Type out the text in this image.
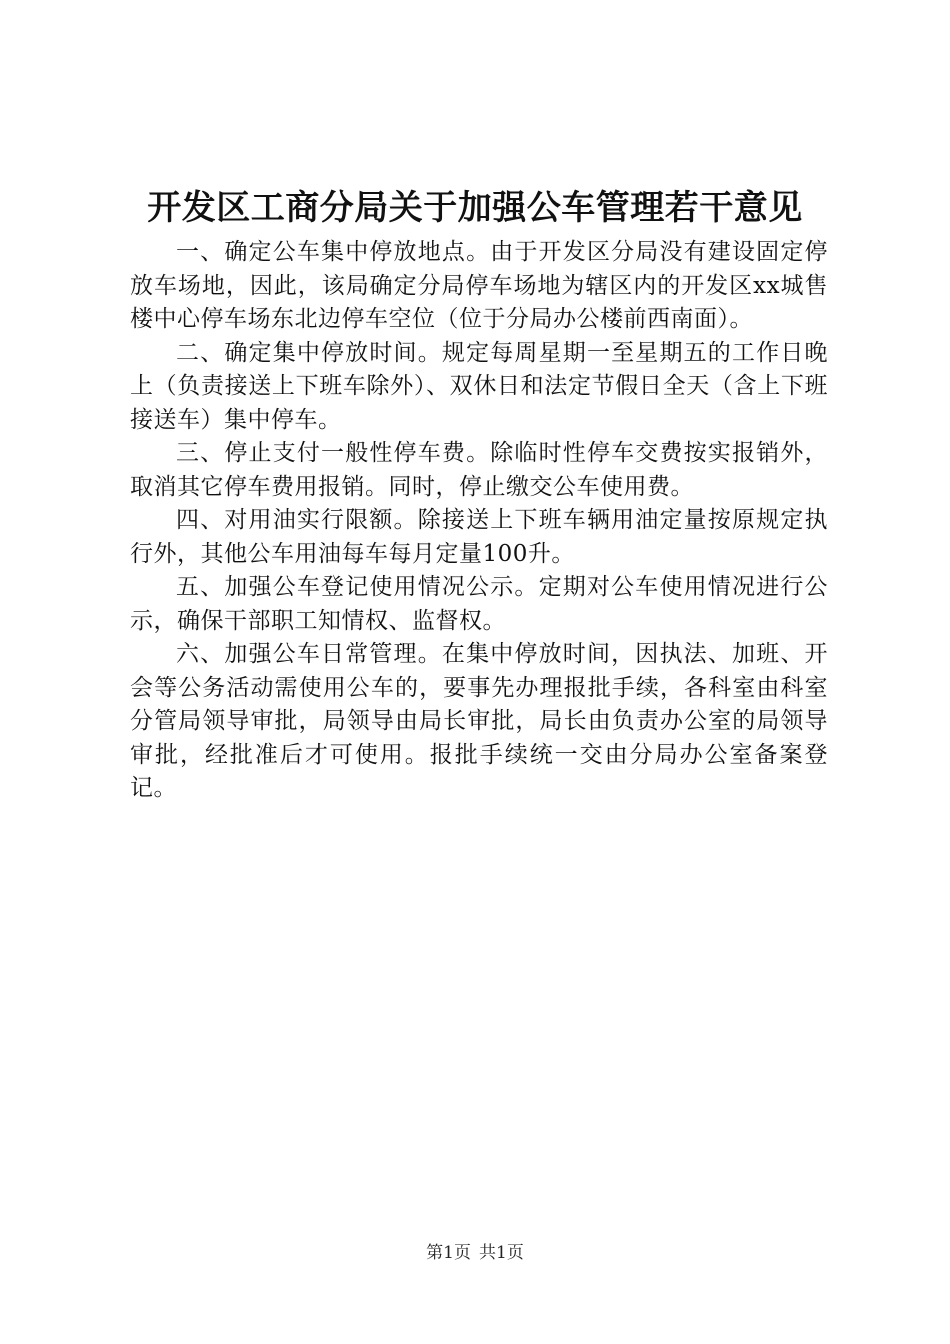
开发区工商分局关于加强公车管理若干意见

一、确定公车集中停放地点。由于开发区分局没有建设固定停放车场地，因此，该局确定分局停车场地为辖区内的开发区xx城售楼中心停车场东北边停车空位（位于分局办公楼前西南面）。

二、确定集中停放时间。规定每周星期一至星期五的工作日晚上（负责接送上下班车除外）、双休日和法定节假日全天（含上下班接送车）集中停车。

三、停止支付一般性停车费。除临时性停车交费按实报销外，取消其它停车费用报销。同时，停止缴交公车使用费。

四、对用油实行限额。除接送上下班车辆用油定量按原规定执行外，其他公车用油每车每月定量100升。

五、加强公车登记使用情况公示。定期对公车使用情况进行公示，确保干部职工知情权、监督权。

六、加强公车日常管理。在集中停放时间，因执法、加班、开会等公务活动需使用公车的，要事先办理报批手续，各科室由科室分管局领导审批，局领导由局长审批，局长由负责办公室的局领导审批，经批准后才可使用。报批手续统一交由分局办公室备案登记。

第1页 共1页
